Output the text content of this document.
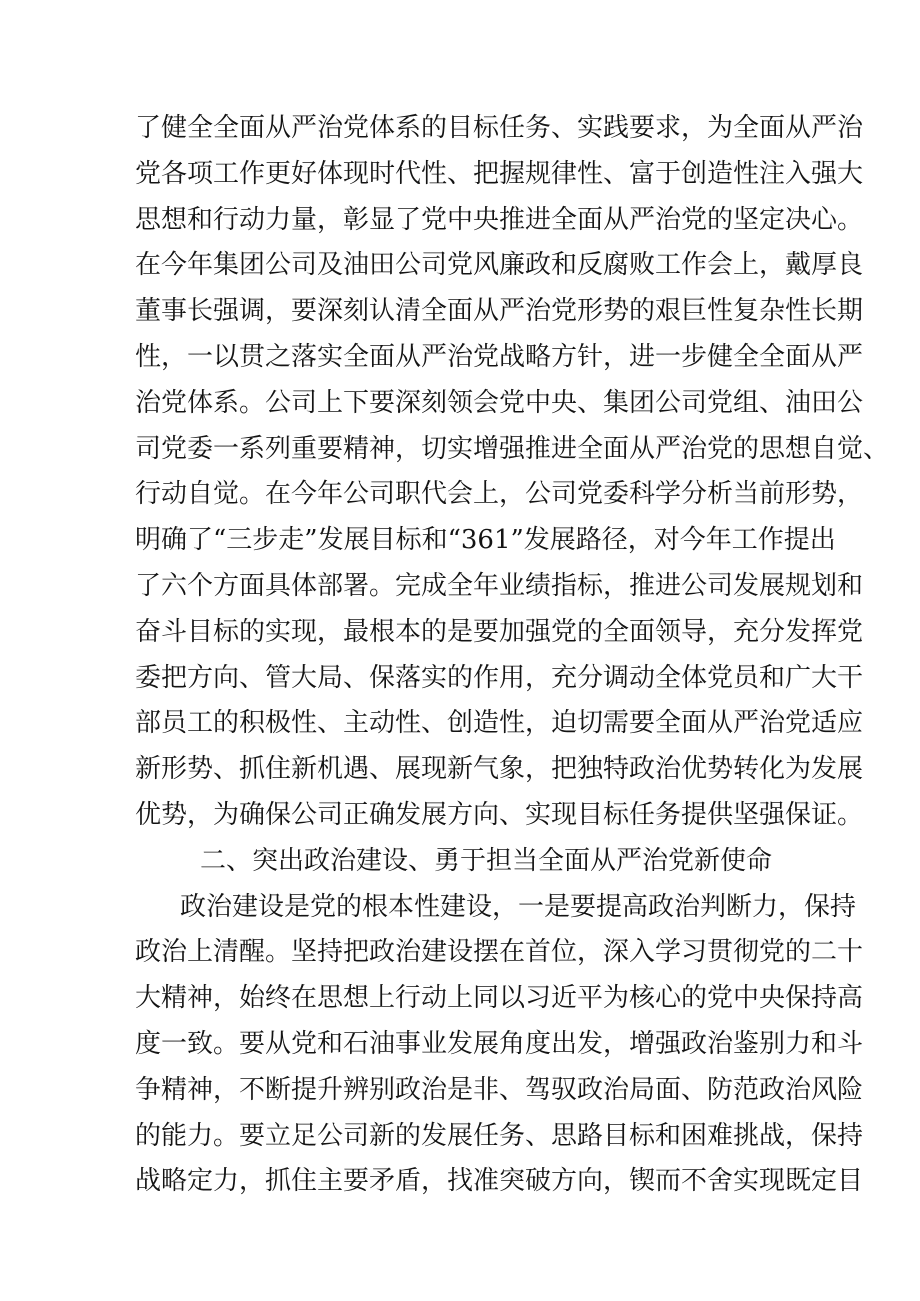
了健全全面从严治党体系的目标任务、实践要求，为全面从严治
党各项工作更好体现时代性、把握规律性、富于创造性注入强大
思想和行动力量，彰显了党中央推进全面从严治党的坚定决心。
在今年集团公司及油田公司党风廉政和反腐败工作会上，戴厚良
董事长强调，要深刻认清全面从严治党形势的艰巨性复杂性长期
性，一以贯之落实全面从严治党战略方针，进一步健全全面从严
治党体系。公司上下要深刻领会党中央、集团公司党组、油田公
司党委一系列重要精神，切实增强推进全面从严治党的思想自觉、
行动自觉。在今年公司职代会上，公司党委科学分析当前形势，
明确了“三步走”发展目标和“361”发展路径，对今年工作提出
了六个方面具体部署。完成全年业绩指标，推进公司发展规划和
奋斗目标的实现，最根本的是要加强党的全面领导，充分发挥党
委把方向、管大局、保落实的作用，充分调动全体党员和广大干
部员工的积极性、主动性、创造性，迫切需要全面从严治党适应
新形势、抓住新机遇、展现新气象，把独特政治优势转化为发展
优势，为确保公司正确发展方向、实现目标任务提供坚强保证。
二、突出政治建设、勇于担当全面从严治党新使命
政治建设是党的根本性建设，一是要提高政治判断力，保持
政治上清醒。坚持把政治建设摆在首位，深入学习贯彻党的二十
大精神，始终在思想上行动上同以习近平为核心的党中央保持高
度一致。要从党和石油事业发展角度出发，增强政治鉴别力和斗
争精神，不断提升辨别政治是非、驾驭政治局面、防范政治风险
的能力。要立足公司新的发展任务、思路目标和困难挑战，保持
战略定力，抓住主要矛盾，找准突破方向，锲而不舍实现既定目
